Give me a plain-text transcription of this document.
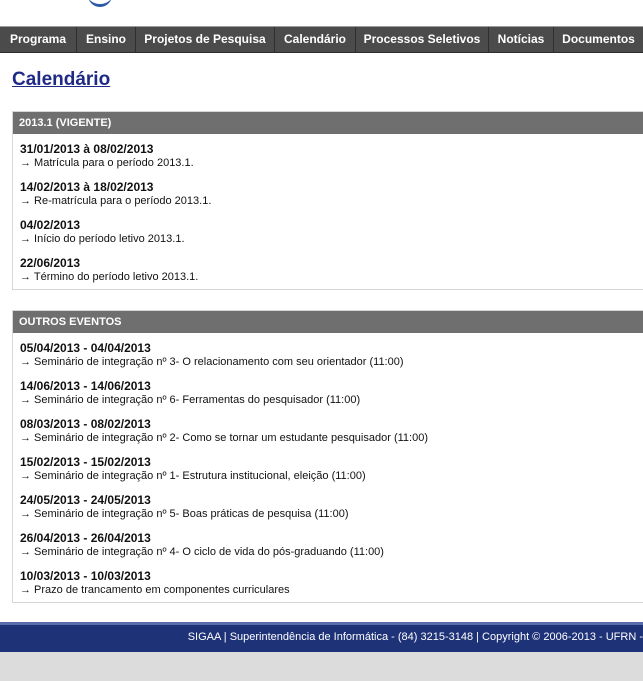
Programa	Ensino	Projetos de Pesquisa	Calendário	Processos Seletivos	Notícias	Documentos
Calendário
2013.1 (VIGENTE)
31/01/2013 à 08/02/2013
→ Matrícula para o período 2013.1.
14/02/2013 à 18/02/2013
→ Re-matrícula para o período 2013.1.
04/02/2013
→ Início do período letivo 2013.1.
22/06/2013
→ Término do período letivo 2013.1.
OUTROS EVENTOS
05/04/2013 - 04/04/2013
→ Seminário de integração nº 3- O relacionamento com seu orientador (11:00)
14/06/2013 - 14/06/2013
→ Seminário de integração nº 6- Ferramentas do pesquisador (11:00)
08/03/2013 - 08/02/2013
→ Seminário de integração nº 2- Como se tornar um estudante pesquisador (11:00)
15/02/2013 - 15/02/2013
→ Seminário de integração nº 1- Estrutura institucional, eleição (11:00)
24/05/2013 - 24/05/2013
→ Seminário de integração nº 5- Boas práticas de pesquisa (11:00)
26/04/2013 - 26/04/2013
→ Seminário de integração nº 4- O ciclo de vida do pós-graduando (11:00)
10/03/2013 - 10/03/2013
→ Prazo de trancamento em componentes curriculares
SIGAA | Superintendência de Informática - (84) 3215-3148 | Copyright © 2006-2013 - UFRN -
